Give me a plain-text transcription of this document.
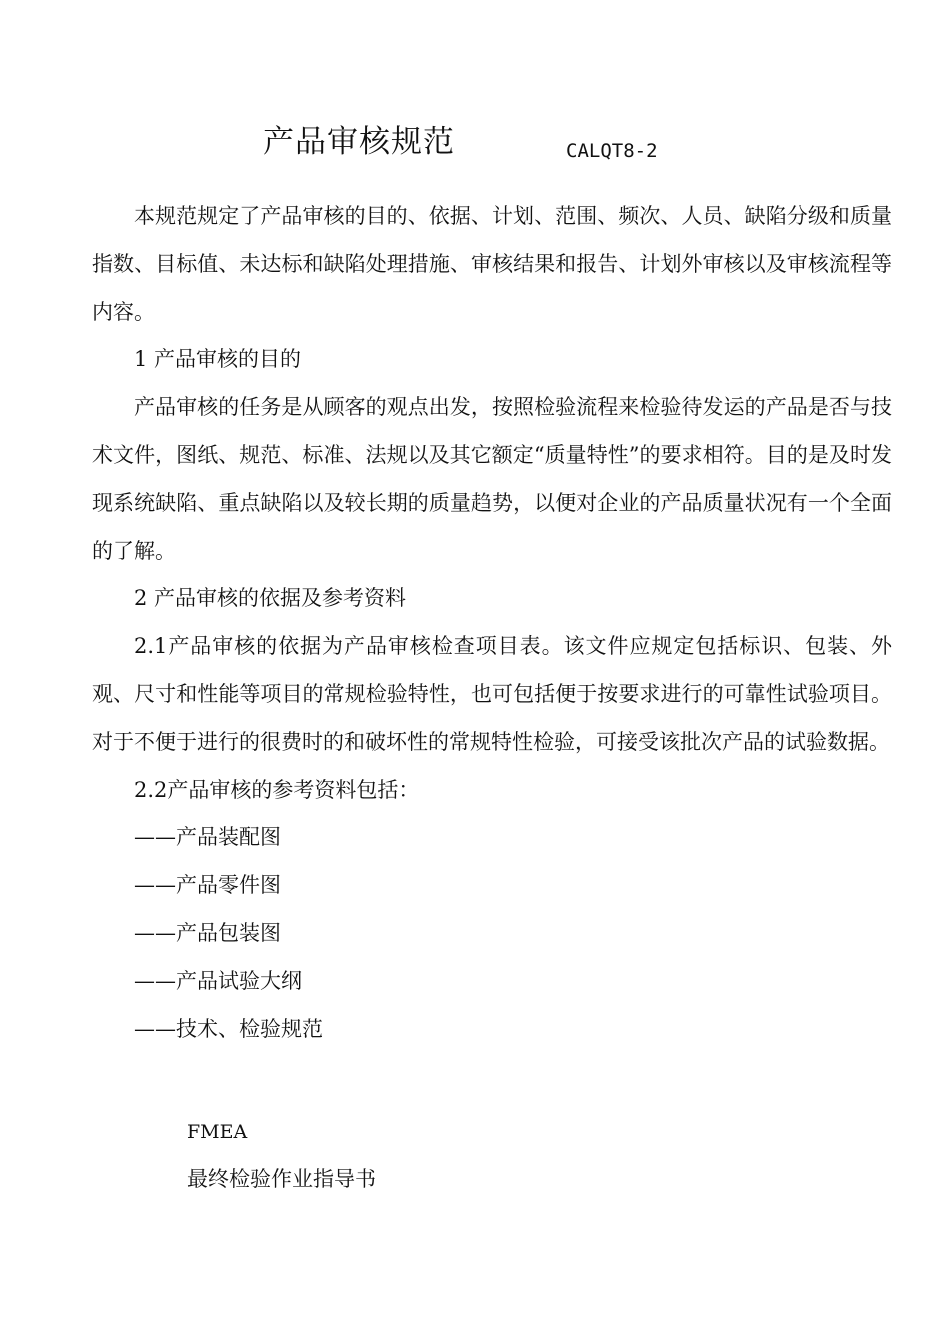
产品审核规范	CALQT8-2

本规范规定了产品审核的目的、依据、计划、范围、频次、人员、缺陷分级和质量指数、目标值、未达标和缺陷处理措施、审核结果和报告、计划外审核以及审核流程等内容。

1 产品审核的目的

产品审核的任务是从顾客的观点出发，按照检验流程来检验待发运的产品是否与技术文件，图纸、规范、标准、法规以及其它额定“质量特性”的要求相符。目的是及时发现系统缺陷、重点缺陷以及较长期的质量趋势，以便对企业的产品质量状况有一个全面的了解。

2 产品审核的依据及参考资料

2.1产品审核的依据为产品审核检查项目表。该文件应规定包括标识、包装、外观、尺寸和性能等项目的常规检验特性，也可包括便于按要求进行的可靠性试验项目。对于不便于进行的很费时的和破坏性的常规特性检验，可接受该批次产品的试验数据。

2.2产品审核的参考资料包括：

——产品装配图

——产品零件图

——产品包装图

——产品试验大纲

——技术、检验规范

FMEA

最终检验作业指导书
